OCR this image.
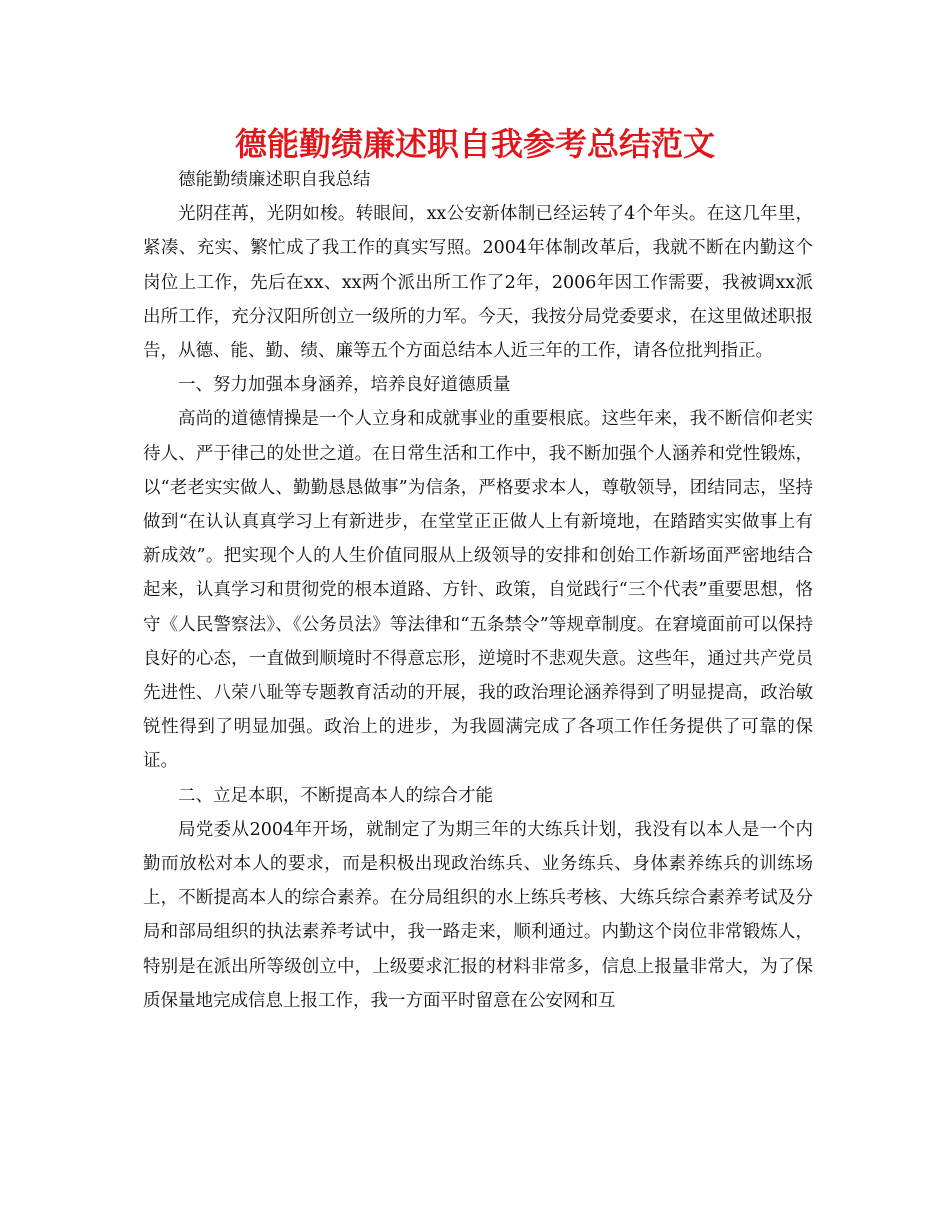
德能勤绩廉述职自我参考总结范文

德能勤绩廉述职自我总结

光阴荏苒，光阴如梭。转眼间，xx公安新体制已经运转了4个年头。在这几年里，紧凑、充实、繁忙成了我工作的真实写照。2004年体制改革后，我就不断在内勤这个岗位上工作，先后在xx、xx两个派出所工作了2年，2006年因工作需要，我被调xx派出所工作，充分汉阳所创立一级所的力军。今天，我按分局党委要求，在这里做述职报告，从德、能、勤、绩、廉等五个方面总结本人近三年的工作，请各位批判指正。

一、努力加强本身涵养，培养良好道德质量

高尚的道德情操是一个人立身和成就事业的重要根底。这些年来，我不断信仰老实待人、严于律己的处世之道。在日常生活和工作中，我不断加强个人涵养和党性锻炼，以“老老实实做人、勤勤恳恳做事”为信条，严格要求本人，尊敬领导，团结同志，坚持做到“在认认真真学习上有新进步，在堂堂正正做人上有新境地，在踏踏实实做事上有新成效”。把实现个人的人生价值同服从上级领导的安排和创始工作新场面严密地结合起来，认真学习和贯彻党的根本道路、方针、政策，自觉践行“三个代表”重要思想，恪守《人民警察法》、《公务员法》等法律和“五条禁令”等规章制度。在窘境面前可以保持良好的心态，一直做到顺境时不得意忘形，逆境时不悲观失意。这些年，通过共产党员先进性、八荣八耻等专题教育活动的开展，我的政治理论涵养得到了明显提高，政治敏锐性得到了明显加强。政治上的进步，为我圆满完成了各项工作任务提供了可靠的保证。

二、立足本职，不断提高本人的综合才能

局党委从2004年开场，就制定了为期三年的大练兵计划，我没有以本人是一个内勤而放松对本人的要求，而是积极出现政治练兵、业务练兵、身体素养练兵的训练场上，不断提高本人的综合素养。在分局组织的水上练兵考核、大练兵综合素养考试及分局和部局组织的执法素养考试中，我一路走来，顺利通过。内勤这个岗位非常锻炼人，特别是在派出所等级创立中，上级要求汇报的材料非常多，信息上报量非常大，为了保质保量地完成信息上报工作，我一方面平时留意在公安网和互
